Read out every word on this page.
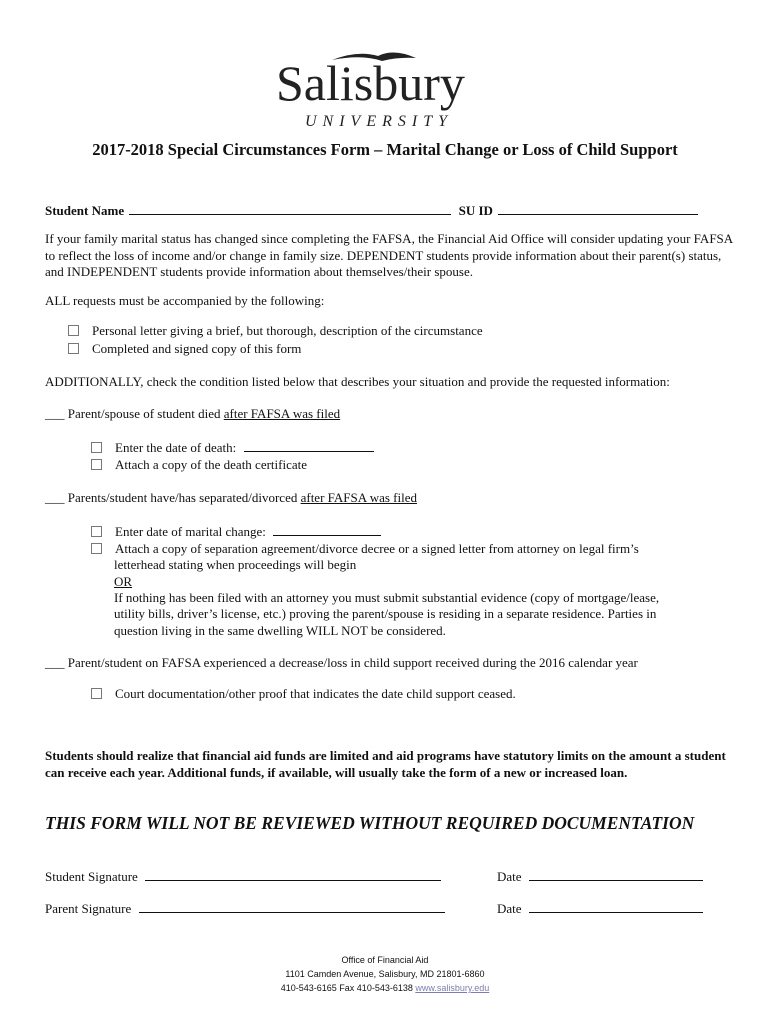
Salisbury
UNIVERSITY
2017-2018 Special Circumstances Form – Marital Change or Loss of Child Support
Student Name	SU ID
If your family marital status has changed since completing the FAFSA, the Financial Aid Office will consider updating your FAFSA to reflect the loss of income and/or change in family size. DEPENDENT students provide information about their parent(s) status, and INDEPENDENT students provide information about themselves/their spouse.
ALL requests must be accompanied by the following:
Personal letter giving a brief, but thorough, description of the circumstance
Completed and signed copy of this form
ADDITIONALLY, check the condition listed below that describes your situation and provide the requested information:
___ Parent/spouse of student died after FAFSA was filed
Enter the date of death:
Attach a copy of the death certificate
___ Parents/student have/has separated/divorced after FAFSA was filed
Enter date of marital change:
Attach a copy of separation agreement/divorce decree or a signed letter from attorney on legal firm’s
letterhead stating when proceedings will begin
OR
If nothing has been filed with an attorney you must submit substantial evidence (copy of mortgage/lease,
utility bills, driver’s license, etc.) proving the parent/spouse is residing in a separate residence. Parties in
question living in the same dwelling WILL NOT be considered.
___ Parent/student on FAFSA experienced a decrease/loss in child support received during the 2016 calendar year
Court documentation/other proof that indicates the date child support ceased.
Students should realize that financial aid funds are limited and aid programs have statutory limits on the amount a student can receive each year. Additional funds, if available, will usually take the form of a new or increased loan.
THIS FORM WILL NOT BE REVIEWED WITHOUT REQUIRED DOCUMENTATION
Student Signature	Date
Parent Signature	Date
Office of Financial Aid
1101 Camden Avenue, Salisbury, MD 21801-6860
410-543-6165 Fax 410-543-6138 www.salisbury.edu
